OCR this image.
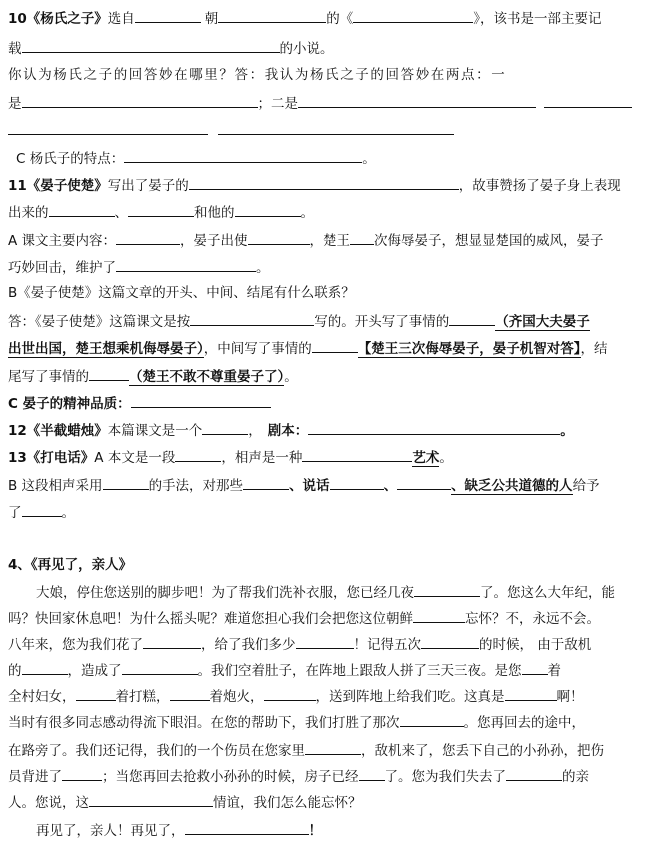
10《杨氏之子》选自	朝	的《	》，该书是一部主要记
载	的小说。
你认为杨氏之子的回答妙在哪里？答：我认为杨氏之子的回答妙在两点：一
是	；二是
C 杨氏子的特点：	。
11《晏子使楚》写出了晏子的	，故事赞扬了晏子身上表现
出来的	、	和他的	。
A 课文主要内容：	，晏子出使	，楚王 次侮辱晏子，想显显楚国的威风，晏子
巧妙回击，维护了	。
B《晏子使楚》这篇文章的开头、中间、结尾有什么联系？
答：《晏子使楚》这篇课文是按	写的。开头写了事情的	（齐国大夫晏子
出世出国，楚王想乘机侮辱晏子），中间写了事情的	【楚王三次侮辱晏子，晏子机智对答】，结
尾写了事情的	（楚王不敢不尊重晏子了）。
C 晏子的精神品质：
12《半截蜡烛》本篇课文是一个	， 剧本：	。
13《打电话》A 本文是一段	，相声是一种	艺术。
B 这段相声采用	的手法，对那些	、说话	、	、缺乏公共道德的人给予
了	。
4、《再见了，亲人》
大娘，停住您送别的脚步吧！为了帮我们洗补衣服，您已经几夜	了。您这么大年纪，能
吗？快回家休息吧！为什么摇头呢？难道您担心我们会把您这位朝鲜	忘怀？不，永远不会。
八年来，您为我们花了	，给了我们多少	！记得五次	的时候， 由于敌机
的	，造成了	。我们空着肚子，在阵地上跟敌人拼了三天三夜。是您 着
全村妇女，	着打糕，	着炮火，	，送到阵地上给我们吃。这真是	啊！
当时有很多同志感动得流下眼泪。在您的帮助下，我们打胜了那次	。您再回去的途中，
在路旁了。我们还记得，我们的一个伤员在您家里	，敌机来了，您丢下自己的小孙孙，把伤
员背进了	；当您再回去抢救小孙孙的时候，房子已经 了。您为我们失去了	的亲
人。您说，这	情谊，我们怎么能忘怀？
再见了，亲人！再见了，	！
